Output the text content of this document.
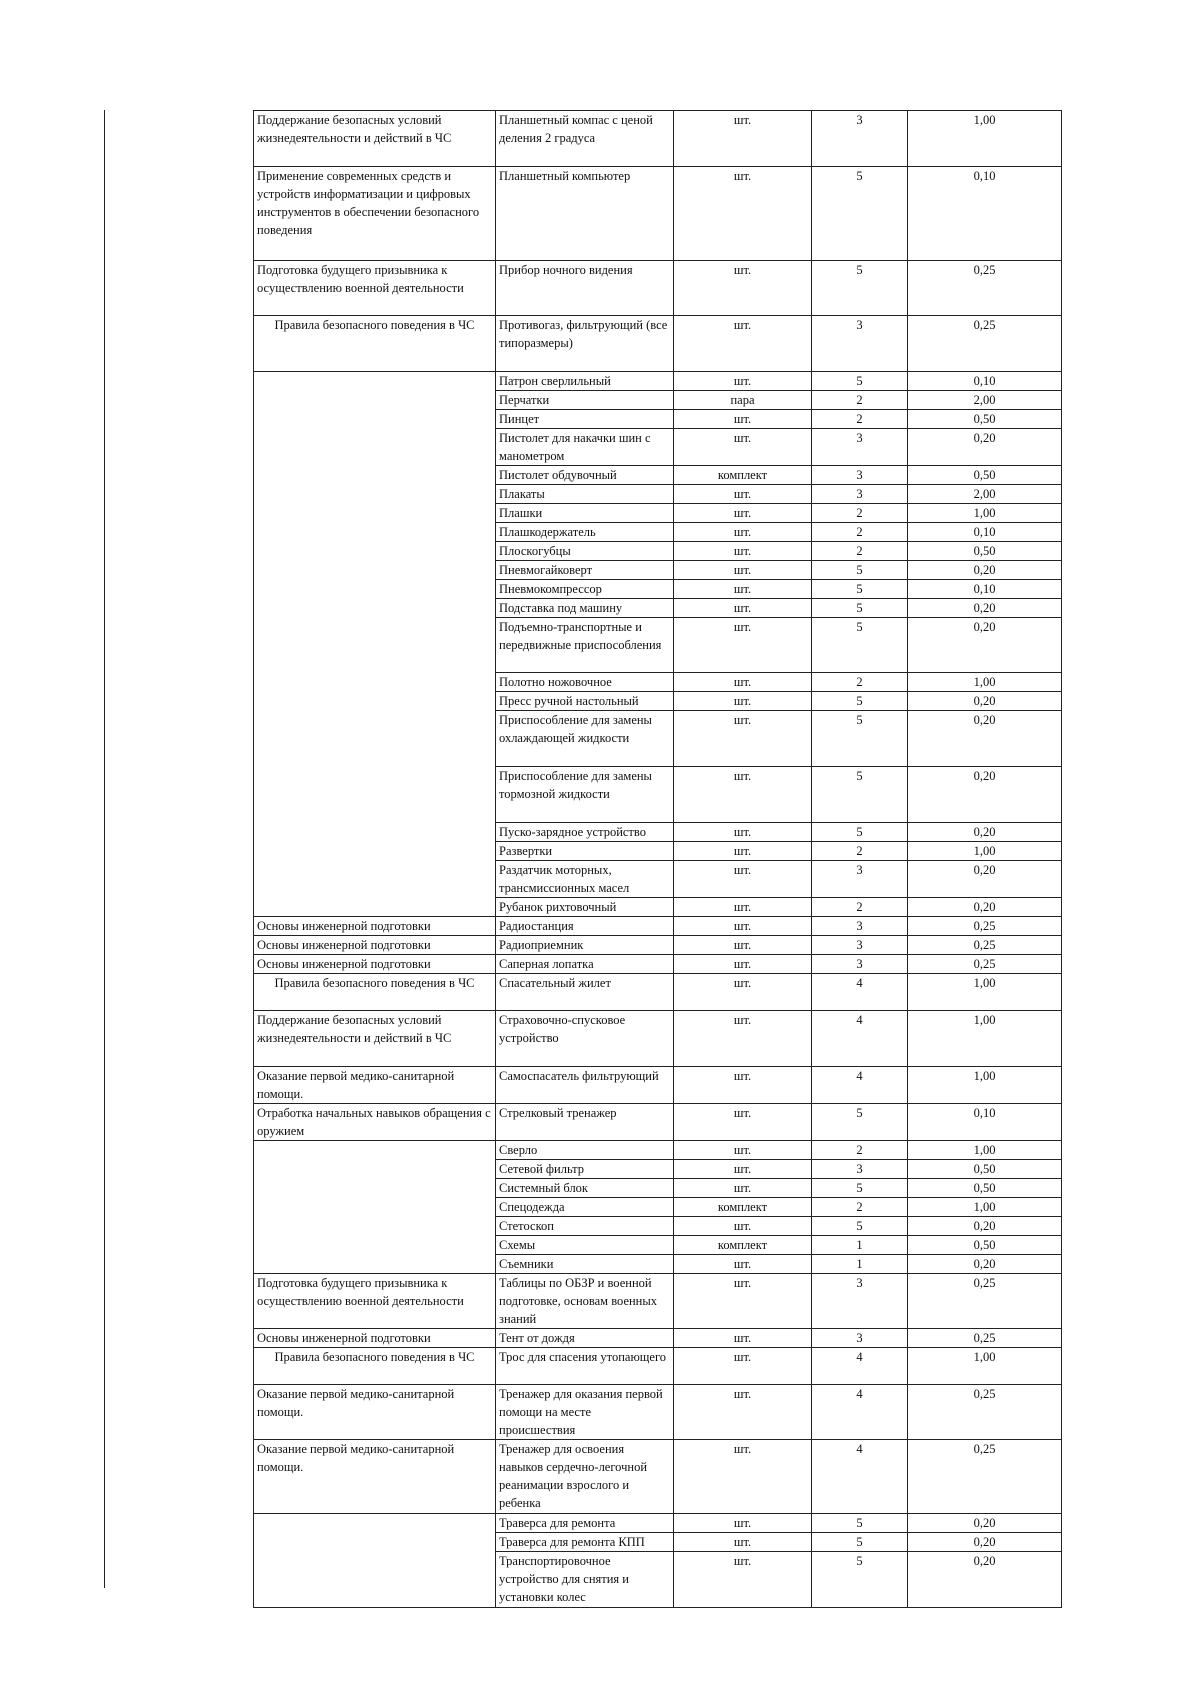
Поддержание безопасных условий жизнедеятельности и действий в ЧС	Планшетный компас с ценой деления 2 градуса	шт.	3	1,00
Применение современных средств и устройств информатизации и цифровых инструментов в обеспечении безопасного поведения	Планшетный компьютер	шт.	5	0,10
Подготовка будущего призывника к осуществлению военной деятельности	Прибор ночного видения	шт.	5	0,25
Правила безопасного поведения в ЧС	Противогаз, фильтрующий (все типоразмеры)	шт.	3	0,25
	Патрон сверлильный	шт.	5	0,10
	Перчатки	пара	2	2,00
	Пинцет	шт.	2	0,50
	Пистолет для накачки шин с манометром	шт.	3	0,20
	Пистолет обдувочный	комплект	3	0,50
	Плакаты	шт.	3	2,00
	Плашки	шт.	2	1,00
	Плашкодержатель	шт.	2	0,10
	Плоскогубцы	шт.	2	0,50
	Пневмогайковерт	шт.	5	0,20
	Пневмокомпрессор	шт.	5	0,10
	Подставка под машину	шт.	5	0,20
	Подъемно-транспортные и передвижные приспособления	шт.	5	0,20
	Полотно ножовочное	шт.	2	1,00
	Пресс ручной настольный	шт.	5	0,20
	Приспособление для замены охлаждающей жидкости	шт.	5	0,20
	Приспособление для замены тормозной жидкости	шт.	5	0,20
	Пуско-зарядное устройство	шт.	5	0,20
	Развертки	шт.	2	1,00
	Раздатчик моторных, трансмиссионных масел	шт.	3	0,20
	Рубанок рихтовочный	шт.	2	0,20
Основы инженерной подготовки	Радиостанция	шт.	3	0,25
Основы инженерной подготовки	Радиоприемник	шт.	3	0,25
Основы инженерной подготовки	Саперная лопатка	шт.	3	0,25
Правила безопасного поведения в ЧС	Спасательный жилет	шт.	4	1,00
Поддержание безопасных условий жизнедеятельности и действий в ЧС	Страховочно-спусковое устройство	шт.	4	1,00
Оказание первой медико-санитарной помощи.	Самоспасатель фильтрующий	шт.	4	1,00
Отработка начальных навыков обращения с оружием	Стрелковый тренажер	шт.	5	0,10
	Сверло	шт.	2	1,00
	Сетевой фильтр	шт.	3	0,50
	Системный блок	шт.	5	0,50
	Спецодежда	комплект	2	1,00
	Стетоскоп	шт.	5	0,20
	Схемы	комплект	1	0,50
	Съемники	шт.	1	0,20
Подготовка будущего призывника к осуществлению военной деятельности	Таблицы по ОБЗР и военной подготовке, основам военных знаний	шт.	3	0,25
Основы инженерной подготовки	Тент от дождя	шт.	3	0,25
Правила безопасного поведения в ЧС	Трос для спасения утопающего	шт.	4	1,00
Оказание первой медико-санитарной помощи.	Тренажер для оказания первой помощи на месте происшествия	шт.	4	0,25
Оказание первой медико-санитарной помощи.	Тренажер для освоения навыков сердечно-легочной реанимации взрослого и ребенка	шт.	4	0,25
	Траверса для ремонта	шт.	5	0,20
	Траверса для ремонта КПП	шт.	5	0,20
	Транспортировочное устройство для снятия и установки колес	шт.	5	0,20
